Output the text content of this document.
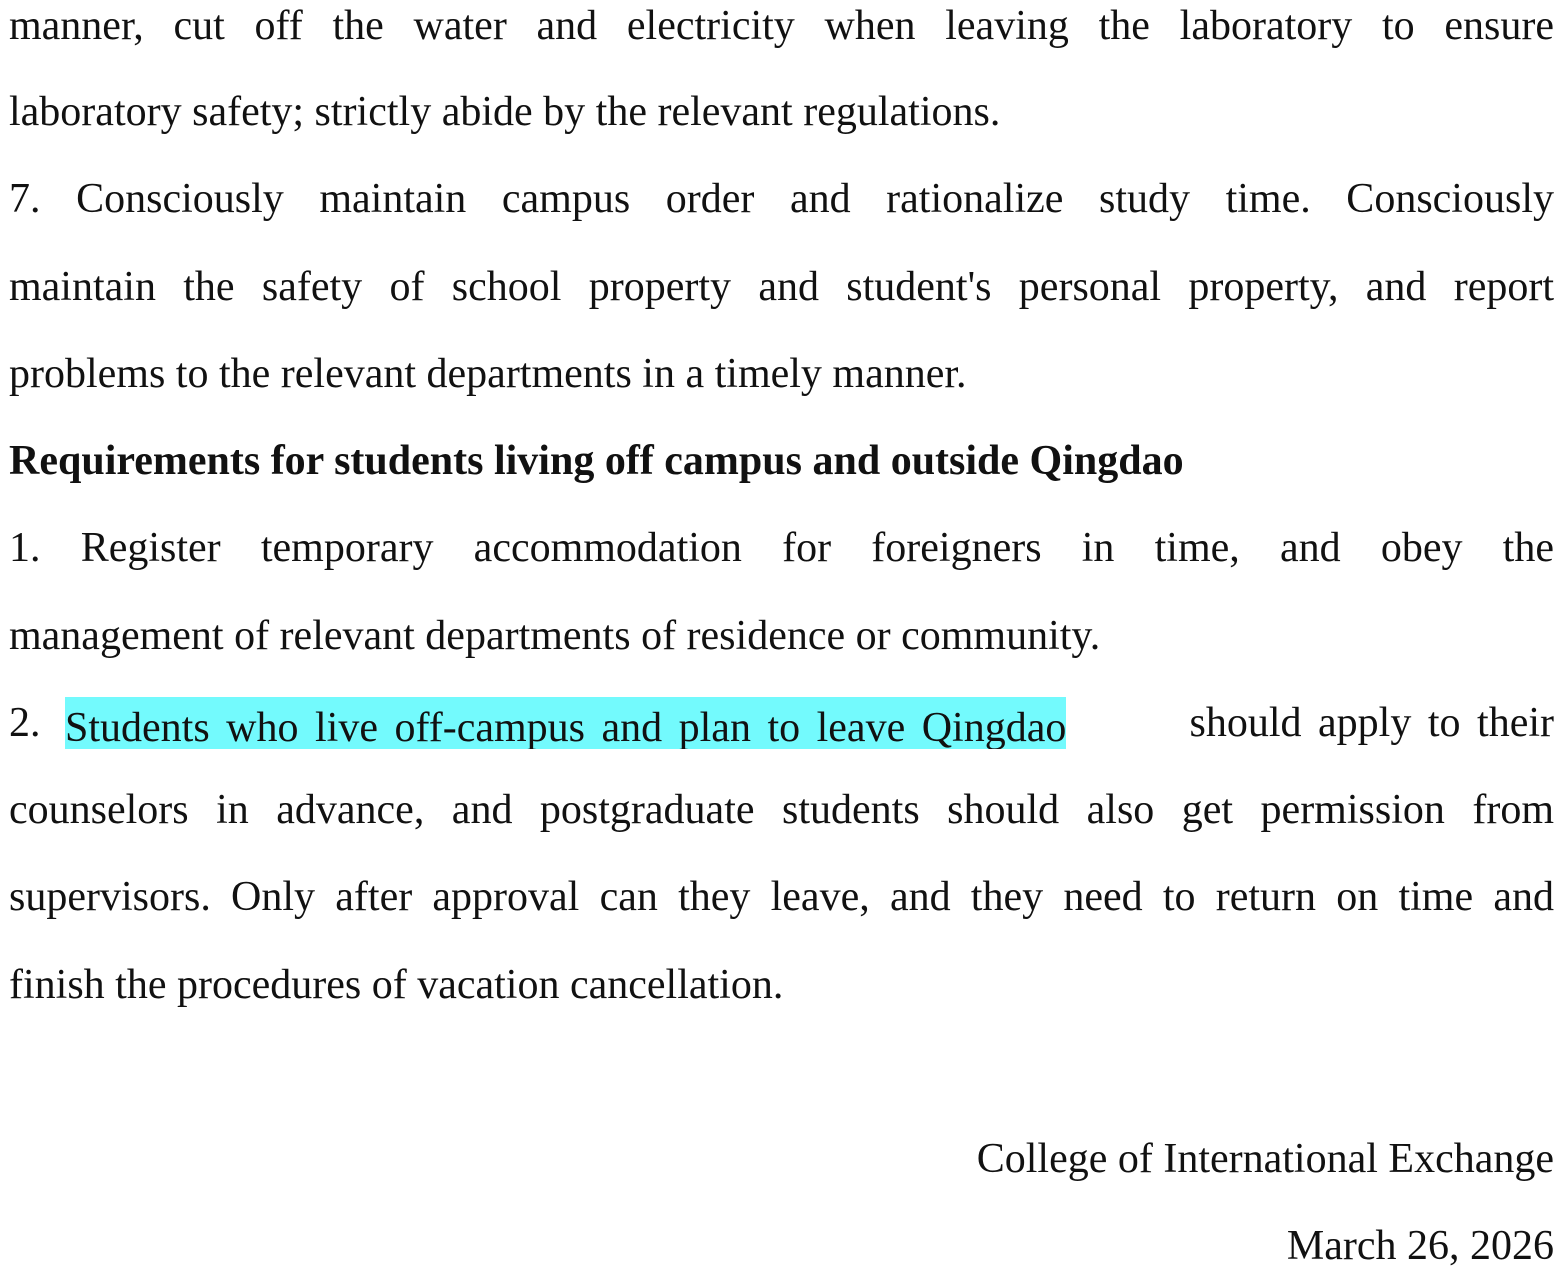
manner, cut off the water and electricity when leaving the laboratory to ensure
laboratory safety; strictly abide by the relevant regulations.
7. Consciously maintain campus order and rationalize study time. Consciously
maintain the safety of school property and student's personal property, and report
problems to the relevant departments in a timely manner.
Requirements for students living off campus and outside Qingdao
1. Register temporary accommodation for foreigners in time, and obey the
management of relevant departments of residence or community.
2. Students who live off-campus and plan to leave Qingdao	should apply to their
counselors in advance, and postgraduate students should also get permission from
supervisors. Only after approval can they leave, and they need to return on time and
finish the procedures of vacation cancellation.
College of International Exchange
March 26, 2026
